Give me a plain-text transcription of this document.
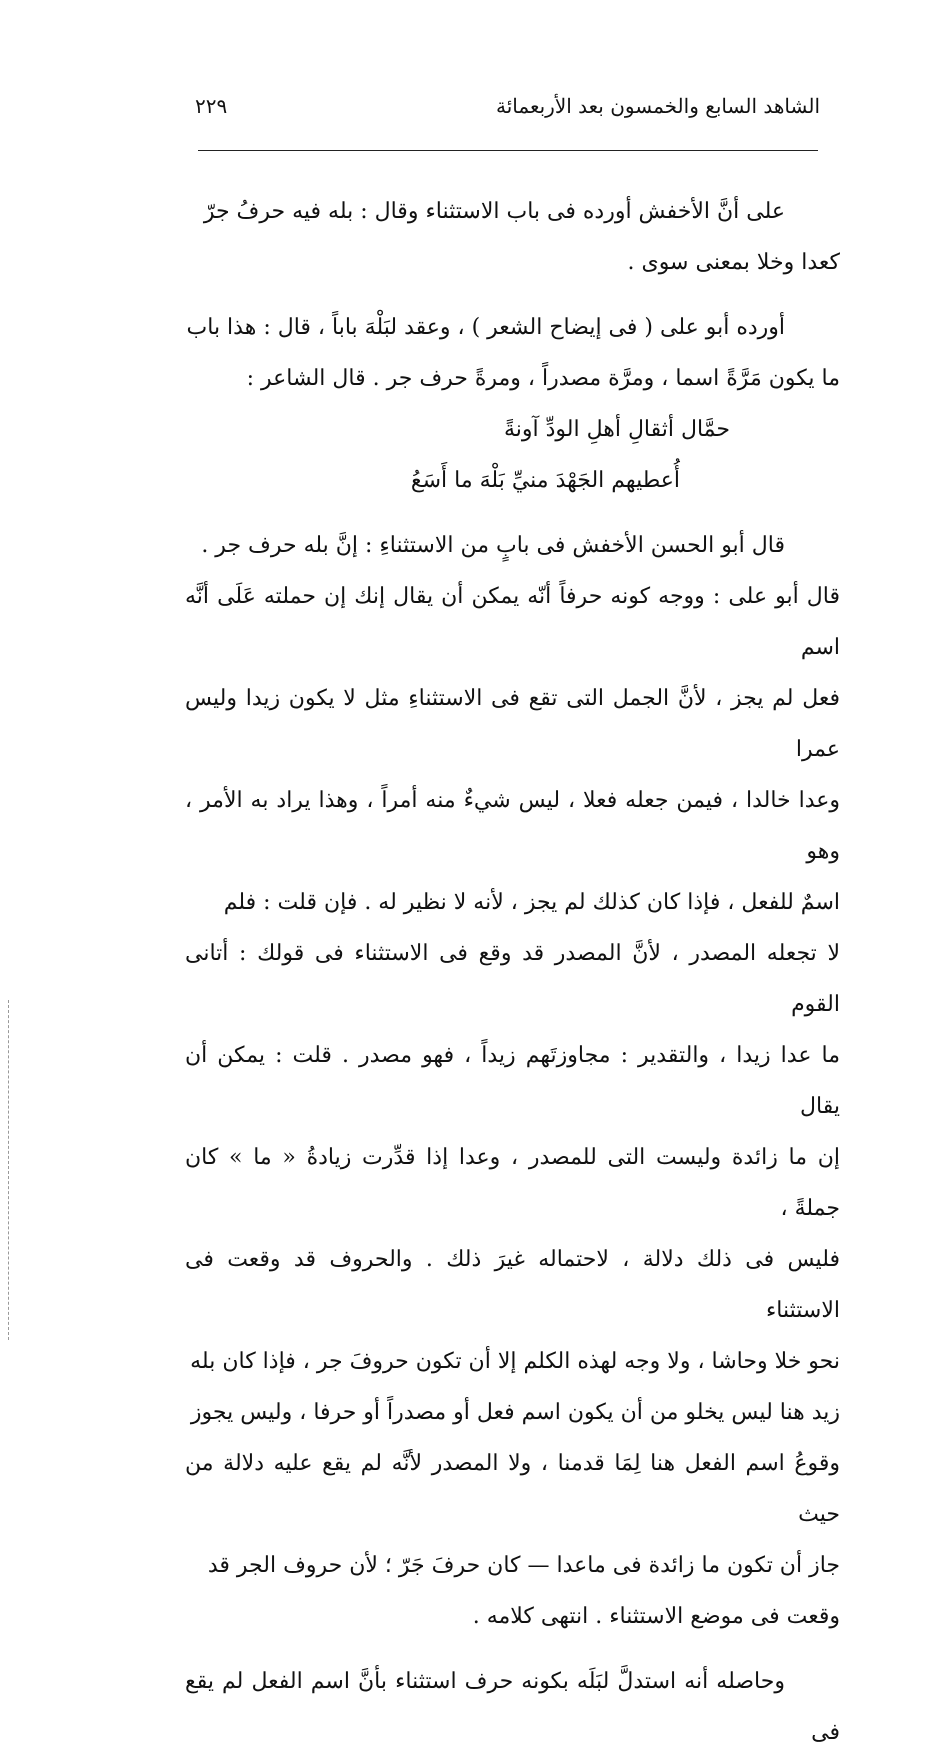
الشاهد السابع والخمسون بعد الأربعمائة
٢٢٩

على أنَّ الأخفش أورده فى باب الاستثناء وقال : بله فيه حرفُ جرّ

كعدا وخلا بمعنى سوى .

أورده أبو على ( فى إيضاح الشعر ) ، وعقد لبَلْهَ باباً ، قال : هذا باب

ما يكون مَرَّةً اسما ، ومرَّة مصدراً ، ومرةً حرف جر . قال الشاعر :

حمَّال أثقالِ أهلِ الودِّ آونةً

أُعطيهم الجَهْدَ منيِّ بَلْهَ ما أَسَعُ

قال أبو الحسن الأخفش فى بابٍ من الاستثناءِ : إنَّ بله حرف جر .

قال أبو على : ووجه كونه حرفاً أنّه يمكن أن يقال إنك إن حملته عَلَى أنَّه اسم

فعل لم يجز ، لأنَّ الجمل التى تقع فى الاستثناءِ مثل لا يكون زيدا وليس عمرا

وعدا خالدا ، فيمن جعله فعلا ، ليس شيءٌ منه أمراً ، وهذا يراد به الأمر ، وهو

اسمٌ للفعل ، فإذا كان كذلك لم يجز ، لأنه لا نظير له . فإن قلت : فلم

لا تجعله المصدر ، لأنَّ المصدر قد وقع فى الاستثناء فى قولك : أتانى القوم

ما عدا زيدا ، والتقدير : مجاوزتَهم زيداً ، فهو مصدر . قلت : يمكن أن يقال

إن ما زائدة وليست التى للمصدر ، وعدا إذا قدِّرت زيادةُ « ما » كان جملةً ،

فليس فى ذلك دلالة ، لاحتماله غيرَ ذلك . والحروف قد وقعت فى الاستثناء

نحو خلا وحاشا ، ولا وجه لهذه الكلم إلا أن تكون حروفَ جر ، فإذا كان بله

زيد هنا ليس يخلو من أن يكون اسم فعل أو مصدراً أو حرفا ، وليس يجوز

وقوعُ اسم الفعل هنا لِمَا قدمنا ، ولا المصدر لأنَّه لم يقع عليه دلالة من حيث

جاز أن تكون ما زائدة فى ماعدا — كان حرفَ جَرّ ؛ لأن حروف الجر قد

وقعت فى موضع الاستثناء . انتهى كلامه .

وحاصله أنه استدلَّ لبَلَه بكونه حرف استثناء بأنَّ اسم الفعل لم يقع فى
